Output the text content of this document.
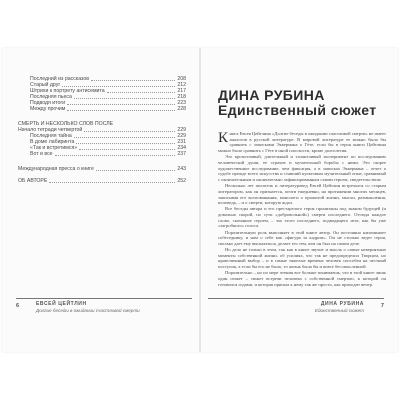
Последний из рассказов	208
Старый друг	212
Штрихи к портрету антисемита	217
Последняя пьеса	218
Подводя итоги	223
Между прочим	228
СМЕРТЬ И НЕСКОЛЬКО СЛОВ ПОСЛЕ
Начало тетради четвертой	229
Последняя тайна	229
В доме лабиринта	231
«Так и встретимся»	234
Вот и все	237
Международная пресса о книге	243
ОБ АВТОРЕ	252
6	ЕВСЕЙ ЦЕЙТЛИН
Долгие беседы в ожидании счастливой смерти
ДИНА РУБИНА
Единственный сюжет

Книга Евсея Цейтлина «Долгие беседы в ожидании счастливой смерти» не имеет аналогов в русской литературе. В мировой литературе ее можно было бы сравнить с записками Эккермана о Гёте, если бы в героя книги Цейтлина можно было сравнить с Гёте в иной плоскости, кроме долголетия.

Это кропотливый, длительный и талантливый эксперимент по исследованию человеческой души, ее страхов и мучительной борьбы с ними. Это скорее художественное исследование, чем фиксация, а в записках Эккермана – отчет о судьбе прежде всего искусства и ставший культовым мучительный опыт, сравнимый с окончательным и окончательно зафиксированным самим героем, свидетельством.

Несколько лет писатель и литературовед Евсей Цейтлин встречался со старым литератором, как он признается, почти ежедневно, на протяжении многих месяцев, записывая его воспоминания, монологи о прожитой жизни, мысли, размышления, исповедь, – и о смерти, которую ждал.

Все беседы автора и его престарелого героя пронизаны под знаком будущей (и довольно скорой, по сути «добровольной») смерти последнего. Отсюда каждое слово, сказанное героем, – эхо этого последнего, подводящего итог, как бы уже «загробного» голоса.

Поразительную роль выполняет в этой книге автор. Он постоянно напоминает собеседнику, и нам о себе как «фигура за кадром». Он не столько ведет героя, сколько дает ему высказаться, делает его тем, кем он был на самом деле.

Но дело не только в этом, так как в книге звучит и мысль о самые невероятные моменты собственной жизни, об усилиях, что так не предопределил Творцом, но нравственный выбор – и в самые тяжелые времена человек способен на честный поступок, а если бы его не было, то жизнь была бы и вовсе бессмысленной.

Поразительно – но по мере чтения все больше понимаешь, что в этой книге лишь один сюжет – сюжет встречи человека с собственной смертью, к которой он готовился годами, и которая пришла к нему так же просто, как приходит вечер.

ДИНА РУБИНА
Единственный сюжет
7
